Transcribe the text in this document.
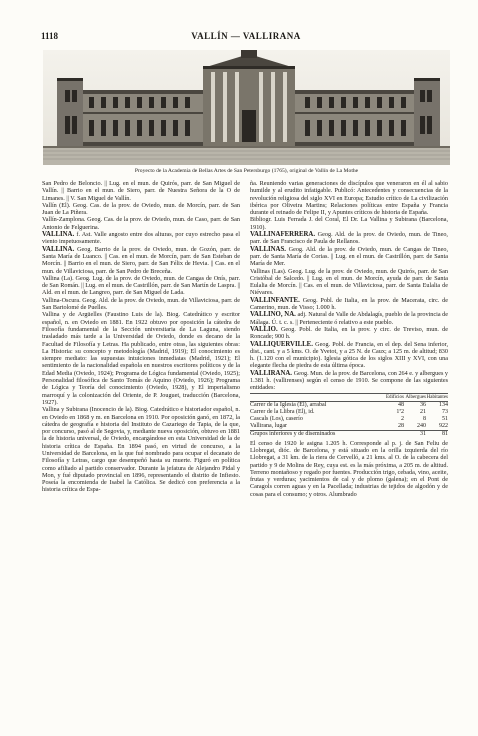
1118	VALLÍN — VALLIRANA
Proyecto de la Academia de Bellas Artes de San Petersburgo (1765), original de Vallín de La Mothe

San Pedro de Beloncio. || Lug. en el mun. de Quirós, parr. de San Miguel de Vallín. || Barrio en el mun. de Siero, parr. de Nuestra Señora de la O de Limanes. || V. San Miguel de Vallín.

Vallín (El). Geog. Cas. de la prov. de Oviedo, mun. de Morcín, parr. de San Juan de La Piñera.

Vallín-Zamplona. Geog. Cas. de la prov. de Oviedo, mun. de Caso, parr. de San Antonio de Felguerina.

VALLINA. f. Ast. Valle angosto entre dos alturas, por cuyo estrecho pasa el viento impetuosamente.

VALLINA. Geog. Barrio de la prov. de Oviedo, mun. de Gozón, parr. de Santa María de Luanco. || Cas. en el mun. de Morcín, parr. de San Esteban de Morcín. || Barrio en el mun. de Siero, parr. de San Félix de Hevia. || Cas. en el mun. de Villaviciosa, parr. de San Pedro de Breceña.

Vallina (La). Geog. Lug. de la prov. de Oviedo, mun. de Cangas de Onís, parr. de San Román. || Lug. en el mun. de Castrillón, parr. de San Martín de Laspra. || Ald. en el mun. de Langreo, parr. de San Miguel de Lada.

Vallina-Oscura. Geog. Ald. de la prov. de Oviedo, mun. de Villaviciosa, parr. de San Bartolomé de Puelles.

Vallina y de Argüelles (Faustino Luis de la). Biog. Catedrático y escritor español, n. en Oviedo en 1881. En 1922 obtuvo por oposición la cátedra de Filosofía fundamental de la Sección universitaria de La Laguna, siendo trasladado más tarde a la Universidad de Oviedo, donde es decano de la Facultad de Filosofía y Letras. Ha publicado, entre otras, las siguientes obras: La Historia: su concepto y metodología (Madrid, 1919); El conocimiento es siempre mediato: las supuestas intuiciones inmediatas (Madrid, 1921); El sentimiento de la nacionalidad española en nuestros escritores políticos y de la Edad Media (Oviedo, 1924); Programa de Lógica fundamental (Oviedo, 1925); Personalidad filosófica de Santo Tomás de Aquino (Oviedo, 1926); Programa de Lógica y Teoría del conocimiento (Oviedo, 1928), y El imperialismo marroquí y la colonización del Oriente, de P. Jouguet, traducción (Barcelona, 1927).

Vallina y Subirana (Inocencio de la). Biog. Catedrático e historiador español, n. en Oviedo en 1868 y m. en Barcelona en 1910. Por oposición ganó, en 1872, la cátedra de geografía e historia del Instituto de Cazariego de Tapia, de la que, por concurso, pasó al de Segovia, y, mediante nueva oposición, obtuvo en 1881 la de historia universal, de Oviedo, encargándose en esta Universidad de la de historia crítica de España. En 1894 pasó, en virtud de concurso, a la Universidad de Barcelona, en la que fué nombrado para ocupar el decanato de Filosofía y Letras, cargo que desempeñó hasta su muerte. Figuró en política como afiliado al partido conservador. Durante la jefatura de Alejandro Pidal y Mon, y fué diputado provincial en 1896, representando el distrito de Infiesto. Poseía la encomienda de Isabel la Católica. Se dedicó con preferencia a la historia crítica de Espa-

ña. Reuniendo varias generaciones de discípulos que veneraron en él al sabio humilde y al erudito infatigable. Publicó: Antecedentes y consecuencias de la revolución religiosa del siglo XVI en Europa; Estudio crítico de La civilización ibérica por Oliveira Martins; Relaciones políticas entre España y Francia durante el reinado de Felipe II, y Apuntes críticos de historia de España.

Bibliogr. Luis Ferrada J. del Coral, El Dr. La Vallina y Subirana (Barcelona, 1910).

VALLINAFERRERA. Geog. Ald. de la prov. de Oviedo, mun. de Tineo, parr. de San Francisco de Paula de Rellanos.

VALLINAS. Geog. Ald. de la prov. de Oviedo, mun. de Cangas de Tineo, parr. de Santa María de Corias. || Lug. en el mun. de Castrillón, parr. de Santa María de Mer.

Vallinas (Las). Geog. Lug. de la prov. de Oviedo, mun. de Quirós, parr. de San Cristóbal de Salcedo. || Lug. en el mun. de Morcín, ayuda de parr. de Santa Eulalia de Morcín. || Cas. en el mun. de Villaviciosa, parr. de Santa Eulalia de Niévares.

VALLINFANTE. Geog. Pobl. de Italia, en la prov. de Macerata, circ. de Camerino, mun. de Visso; 1.000 h.

VALLINO, NA. adj. Natural de Valle de Abdalagís, pueblo de la provincia de Málaga. Ú. t. c. s. || Perteneciente ó relativo a este pueblo.

VALLIO. Geog. Pobl. de Italia, en la prov. y circ. de Treviso, mun. de Roncade; 900 h.

VALLIQUERVILLE. Geog. Pobl. de Francia, en el dep. del Sena inferior, dist., cant. y a 5 kms. O. de Yvetot, y a 25 N. de Caux; a 125 m. de altitud; 830 h. (1.120 con el municipio). Iglesia gótica de los siglos XIII y XVI, con una elegante flecha de piedra de esta última época.

VALLIRANA. Geog. Mun. de la prov. de Barcelona, con 264 e. y albergues y 1.381 h. (vallirenses) según el censo de 1910. Se compone de las siguientes entidades:

	Edificios	Albergues	Habitantes
Carrer de la Iglesia (El), arrabal	48	36	134
Carrer de la Llibra (El), id.	1ª2	21	73
Cascals (Los), caserío	2	8	51
Vallirana, lugar	28	240	922
Grupos inferiores y de diseminados		31	81

El censo de 1920 le asigna 1.205 h. Corresponde al p. j. de San Feliu de Llobregat, dióc. de Barcelona, y está situado en la orilla izquierda del río Llobregat, a 31 km. de la riera de Cervelló, a 21 kms. al O. de la cabecera del partido y 9 de Molins de Rey, cuya est. es la más próxima, a 205 m. de altitud. Terreno montañoso y regado por fuentes. Producción trigo, cebada, vino, aceite, frutas y verduras; yacimientos de cal y de plomo (galena); en el Pont de Caragols corren aguas y en la Pacellada; industrias de tejidos de algodón y de cosas para el consumo; y otros. Alumbrado
